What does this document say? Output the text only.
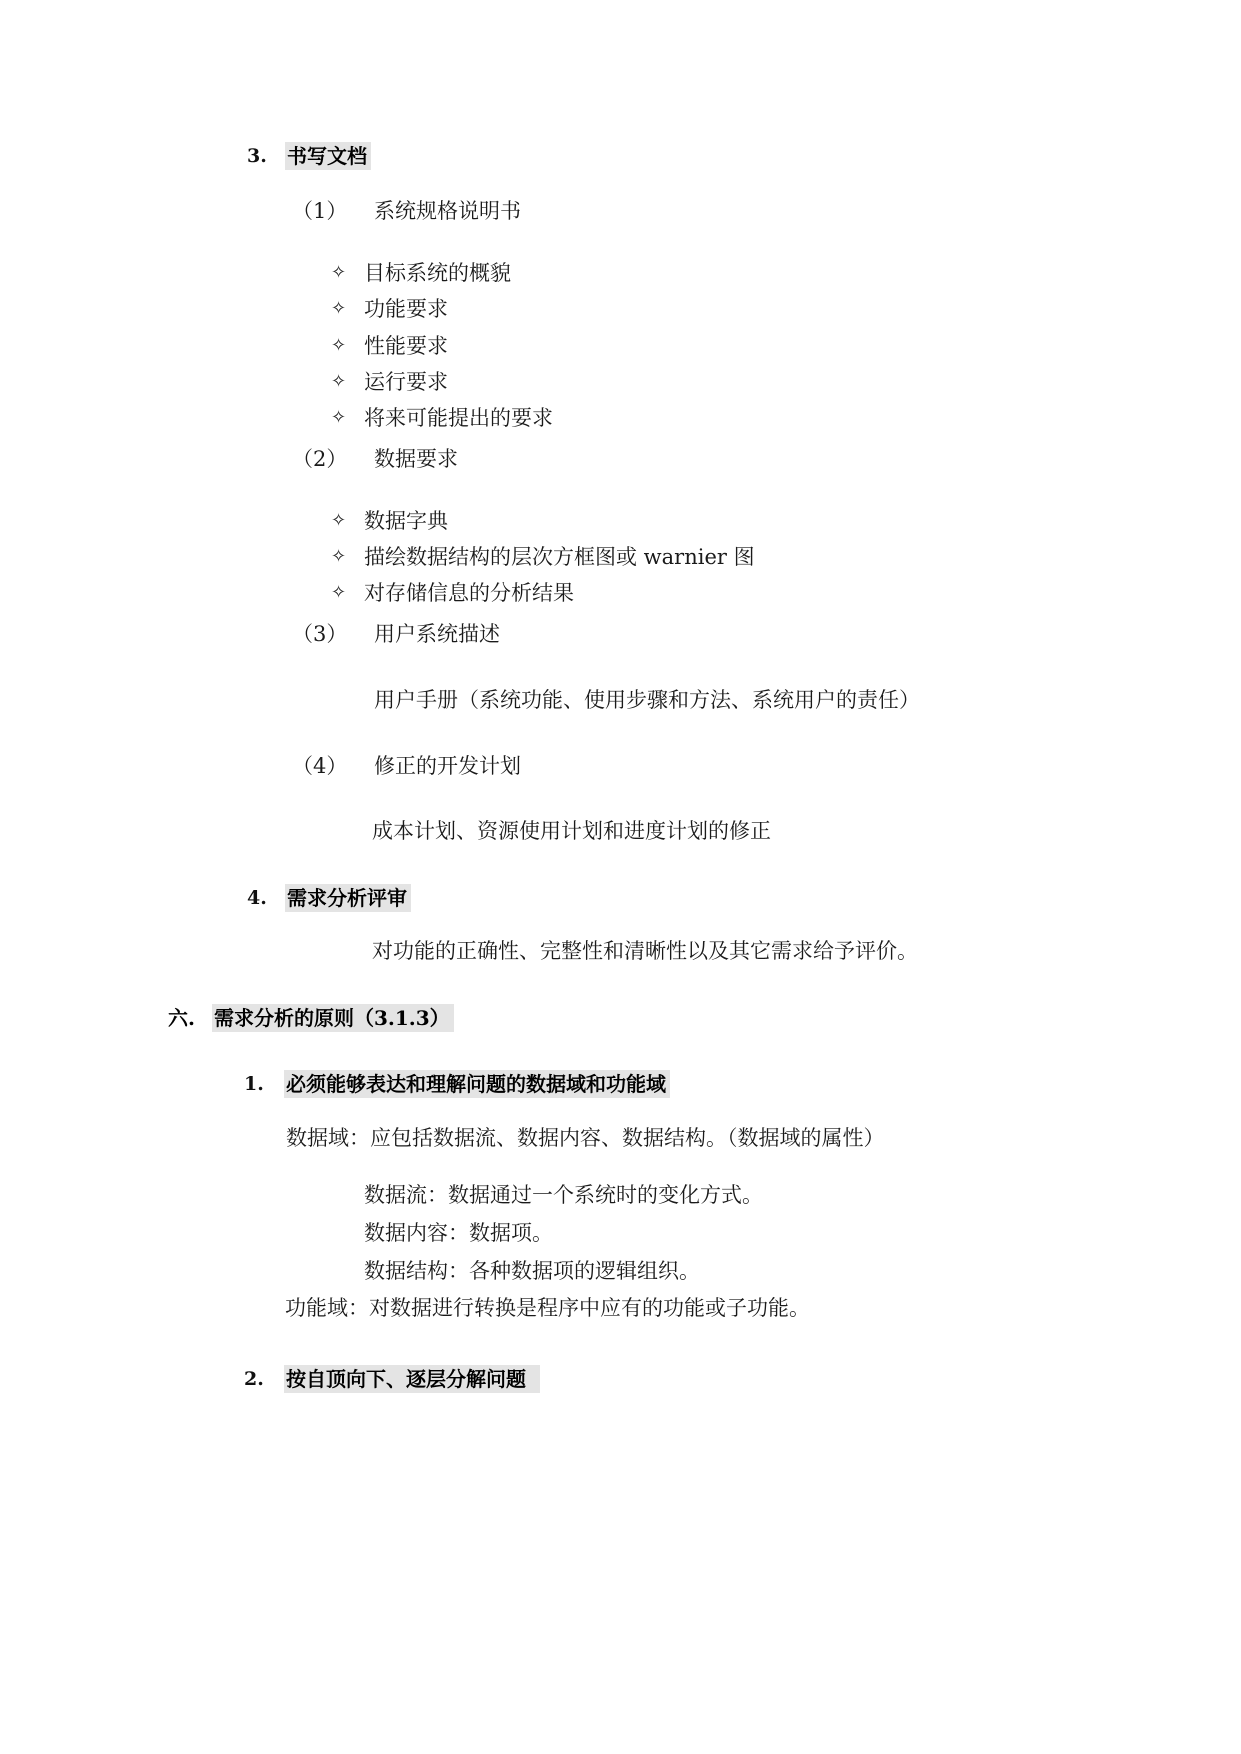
3. 书写文档
（1） 系统规格说明书
✧ 目标系统的概貌
✧ 功能要求
✧ 性能要求
✧ 运行要求
✧ 将来可能提出的要求
（2） 数据要求
✧ 数据字典
✧ 描绘数据结构的层次方框图或 warnier 图
✧ 对存储信息的分析结果
（3） 用户系统描述
用户手册（系统功能、使用步骤和方法、系统用户的责任）
（4） 修正的开发计划
成本计划、资源使用计划和进度计划的修正
4. 需求分析评审
对功能的正确性、完整性和清晰性以及其它需求给予评价。
六. 需求分析的原则（3.1.3）
1. 必须能够表达和理解问题的数据域和功能域
数据域：应包括数据流、数据内容、数据结构。（数据域的属性）
数据流：数据通过一个系统时的变化方式。
数据内容：数据项。
数据结构：各种数据项的逻辑组织。
功能域：对数据进行转换是程序中应有的功能或子功能。
2. 按自顶向下、逐层分解问题
